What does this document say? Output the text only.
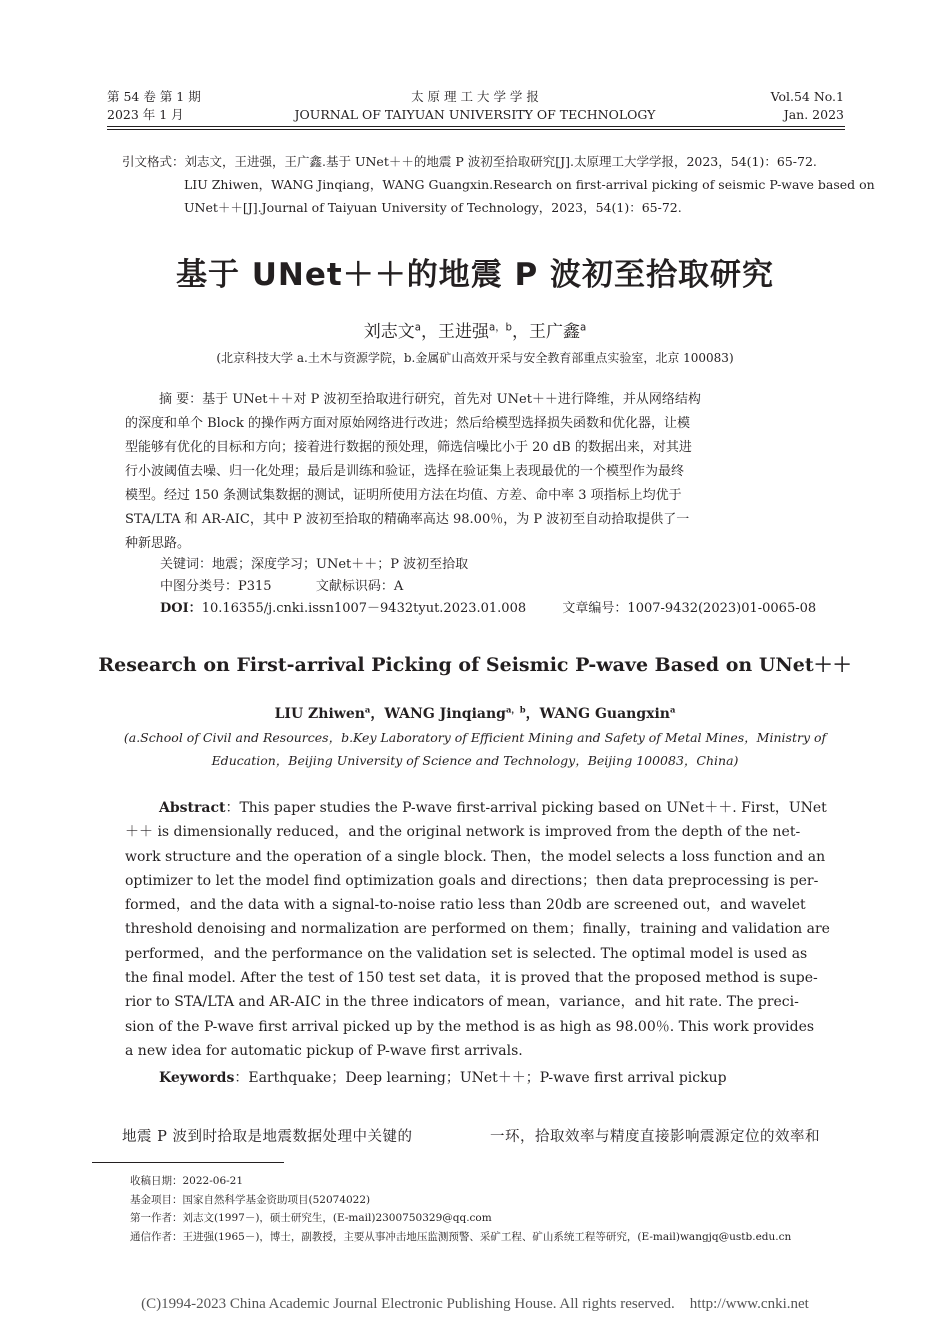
第 54 卷 第 1 期
2023 年 1 月
太 原 理 工 大 学 学 报
JOURNAL OF TAIYUAN UNIVERSITY OF TECHNOLOGY
Vol.54 No.1
Jan. 2023
引文格式：刘志文，王进强，王广鑫.基于 UNet＋＋的地震 P 波初至拾取研究[J].太原理工大学学报，2023，54(1)：65-72.
LIU Zhiwen，WANG Jinqiang，WANG Guangxin.Research on first-arrival picking of seismic P-wave based on
UNet＋＋[J].Journal of Taiyuan University of Technology，2023，54(1)：65-72.
基于 UNet＋＋的地震 P 波初至拾取研究
刘志文$^a$，王进强$^{a,b}$，王广鑫$^a$
(北京科技大学 a.土木与资源学院，b.金属矿山高效开采与安全教育部重点实验室，北京 100083)
摘 要：基于 UNet＋＋对 P 波初至拾取进行研究，首先对 UNet＋＋进行降维，并从网络结构
的深度和单个 Block 的操作两方面对原始网络进行改进；然后给模型选择损失函数和优化器，让模
型能够有优化的目标和方向；接着进行数据的预处理，筛选信噪比小于 20 dB 的数据出来，对其进
行小波阈值去噪、归一化处理；最后是训练和验证，选择在验证集上表现最优的一个模型作为最终
模型。经过 150 条测试集数据的测试，证明所使用方法在均值、方差、命中率 3 项指标上均优于
STA/LTA 和 AR-AIC，其中 P 波初至拾取的精确率高达 98.00％，为 P 波初至自动拾取提供了一
种新思路。
关键词：地震；深度学习；UNet＋＋；P 波初至拾取
中图分类号：P315	文献标识码：A
DOI：10.16355/j.cnki.issn1007－9432tyut.2023.01.008	文章编号：1007-9432(2023)01-0065-08
Research on First-arrival Picking of Seismic P-wave Based on UNet＋＋
LIU Zhiwen$^a$，WANG Jinqiang$^{a,b}$，WANG Guangxin$^a$
(a.School of Civil and Resources，b.Key Laboratory of Efficient Mining and Safety of Metal Mines，Ministry of
Education，Beijing University of Science and Technology，Beijing 100083，China)
Abstract：This paper studies the P-wave first-arrival picking based on UNet＋＋. First，UNet
＋＋ is dimensionally reduced，and the original network is improved from the depth of the net-
work structure and the operation of a single block. Then，the model selects a loss function and an
optimizer to let the model find optimization goals and directions；then data preprocessing is per-
formed，and the data with a signal-to-noise ratio less than 20db are screened out，and wavelet
threshold denoising and normalization are performed on them；finally，training and validation are
performed，and the performance on the validation set is selected. The optimal model is used as
the final model. After the test of 150 test set data，it is proved that the proposed method is supe-
rior to STA/LTA and AR-AIC in the three indicators of mean，variance，and hit rate. The preci-
sion of the P-wave first arrival picked up by the method is as high as 98.00％. This work provides
a new idea for automatic pickup of P-wave first arrivals.
Keywords：Earthquake；Deep learning；UNet＋＋；P-wave first arrival pickup
地震 P 波到时拾取是地震数据处理中关键的	一环，拾取效率与精度直接影响震源定位的效率和
收稿日期：2022-06-21
基金项目：国家自然科学基金资助项目(52074022)
第一作者：刘志文(1997－)，硕士研究生，(E-mail)2300750329@qq.com
通信作者：王进强(1965－)，博士，副教授，主要从事冲击地压监测预警、采矿工程、矿山系统工程等研究，(E-mail)wangjq@ustb.edu.cn
(C)1994-2023 China Academic Journal Electronic Publishing House. All rights reserved.    http://www.cnki.net
